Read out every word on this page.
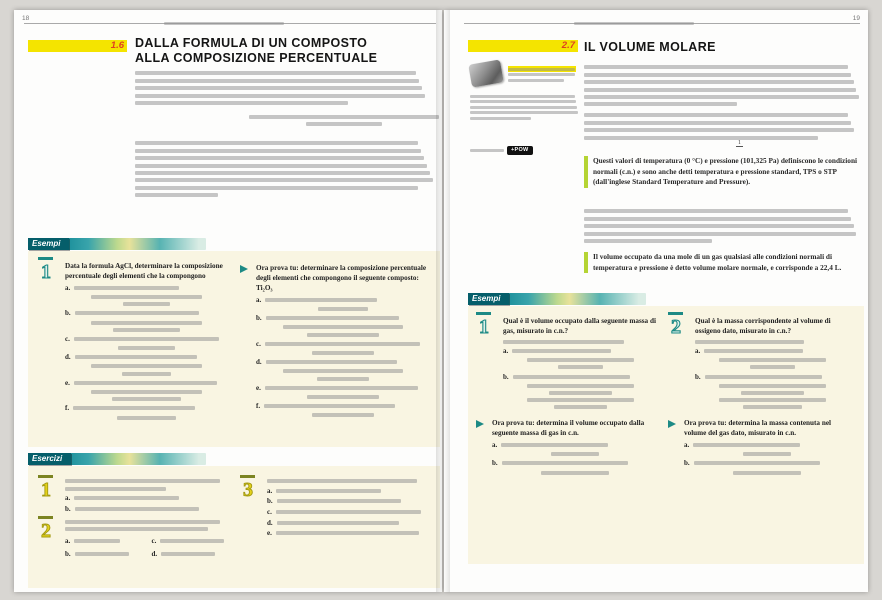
18
1.6 DALLA FORMULA DI UN COMPOSTO
ALLA COMPOSIZIONE PERCENTUALE
Esempi
1 Data la formula AgCl, determinare la composizione percentuale degli elementi che la compongono
a.
b.
c.
d.
e.
f.
Ora prova tu: determinare la composizione percentuale degli elementi che compongono il seguente composto: Ti₂O₃
a.
b.
c.
d.
e.
f.
Esercizi
1 a.
b.
2 a.
b.
c.
d.
3 a.
b.
c.
d.
e.
19
2.7 IL VOLUME MOLARE
+POW
1
Questi valori di temperatura (0 °C) e pressione (101,325 Pa) definiscono le condizioni normali (c.n.) e sono anche detti temperatura e pressione standard, TPS o STP (dall'inglese Standard Temperature and Pressure).
Il volume occupato da una mole di un gas qualsiasi alle condizioni normali di temperatura e pressione è detto volume molare normale, e corrisponde a 22,4 L.
Esempi
1 Qual è il volume occupato dalla seguente massa di gas, misurato in c.n.?
a.
b.
Ora prova tu: determina il volume occupato dalla seguente massa di gas in c.n.
a.
b.
2 Qual è la massa corrispondente al volume di ossigeno dato, misurato in c.n.?
a.
b.
Ora prova tu: determina la massa contenuta nel volume del gas dato, misurato in c.n.
a.
b.
